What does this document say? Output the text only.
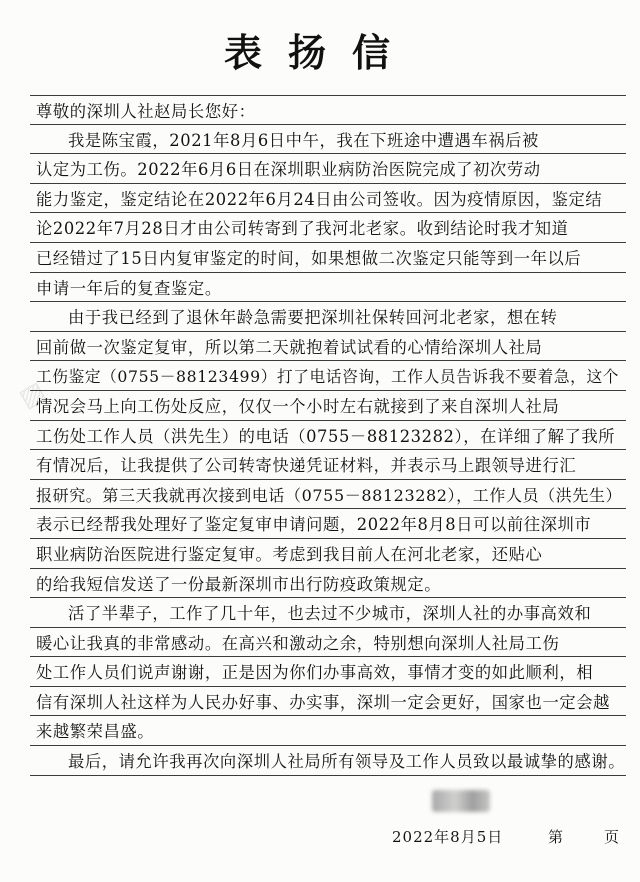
▨
表扬信
尊敬的深圳人社赵局长您好：
我是陈宝霞，2021年8月6日中午，我在下班途中遭遇车祸后被
认定为工伤。2022年6月6日在深圳职业病防治医院完成了初次劳动
能力鉴定，鉴定结论在2022年6月24日由公司签收。因为疫情原因，鉴定结
论2022年7月28日才由公司转寄到了我河北老家。收到结论时我才知道
已经错过了15日内复审鉴定的时间，如果想做二次鉴定只能等到一年以后
申请一年后的复查鉴定。
由于我已经到了退休年龄急需要把深圳社保转回河北老家，想在转
回前做一次鉴定复审，所以第二天就抱着试试看的心情给深圳人社局
工伤鉴定（0755－88123499）打了电话咨询，工作人员告诉我不要着急，这个
情况会马上向工伤处反应，仅仅一个小时左右就接到了来自深圳人社局
工伤处工作人员（洪先生）的电话（0755－88123282），在详细了解了我所
有情况后，让我提供了公司转寄快递凭证材料，并表示马上跟领导进行汇
报研究。第三天我就再次接到电话（0755－88123282），工作人员（洪先生）
表示已经帮我处理好了鉴定复审申请问题，2022年8月8日可以前往深圳市
职业病防治医院进行鉴定复审。考虑到我目前人在河北老家，还贴心
的给我短信发送了一份最新深圳市出行防疫政策规定。
活了半辈子，工作了几十年，也去过不少城市，深圳人社的办事高效和
暖心让我真的非常感动。在高兴和激动之余，特别想向深圳人社局工伤
处工作人员们说声谢谢，正是因为你们办事高效，事情才变的如此顺利，相
信有深圳人社这样为人民办好事、办实事，深圳一定会更好，国家也一定会越
来越繁荣昌盛。
最后，请允许我再次向深圳人社局所有领导及工作人员致以最诚挚的感谢。
2022年8月5日	第	页
